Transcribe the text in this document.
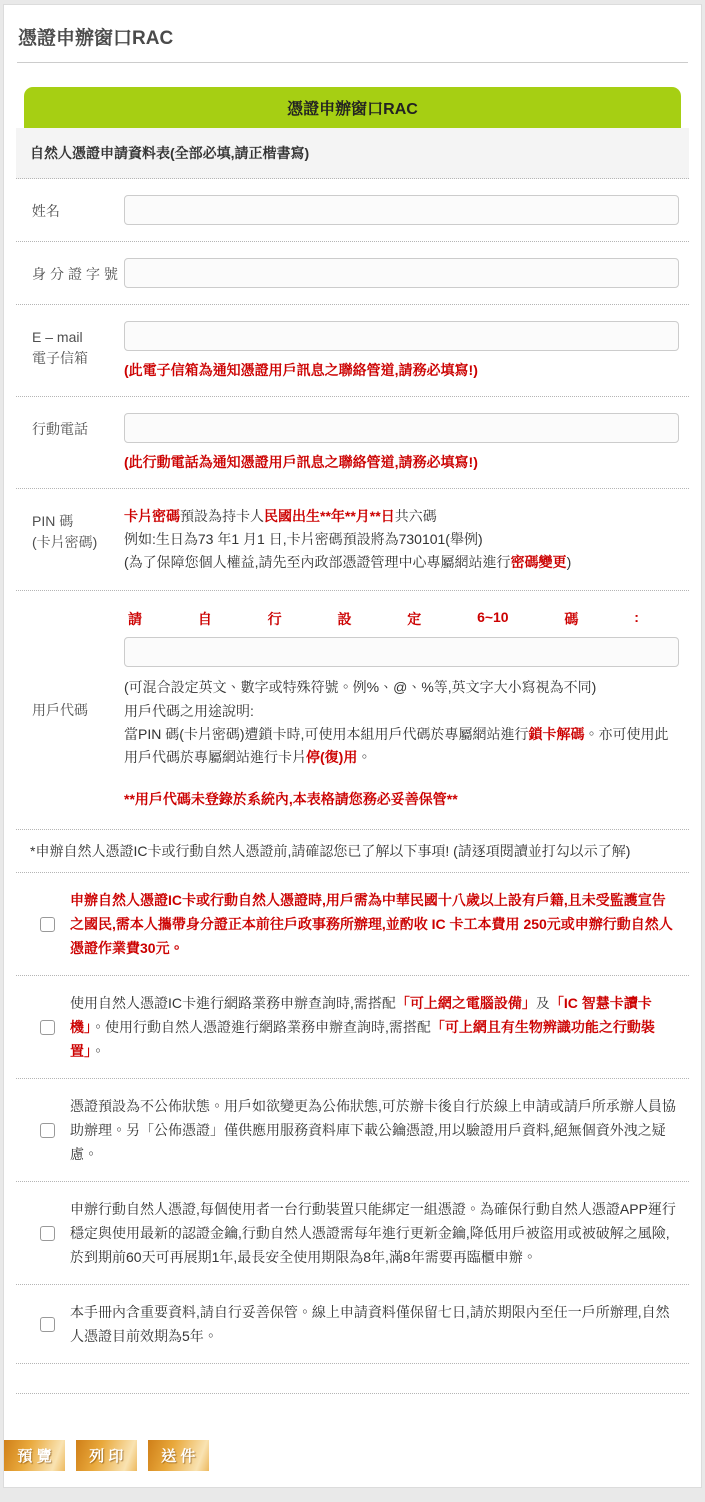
憑證申辦窗口RAC
憑證申辦窗口RAC
自然人憑證申請資料表(全部必填,請正楷書寫)
姓名
身分證字號
E – mail
電子信箱
(此電子信箱為通知憑證用戶訊息之聯絡管道,請務必填寫!)
行動電話
(此行動電話為通知憑證用戶訊息之聯絡管道,請務必填寫!)
PIN 碼
(卡片密碼)
卡片密碼預設為持卡人民國出生**年**月**日共六碼
例如:生日為73 年1 月1 日,卡片密碼預設將為730101(舉例)
(為了保障您個人權益,請先至內政部憑證管理中心專屬網站進行密碼變更)
用戶代碼
請	自	行	設	定	6~10	碼	:
(可混合設定英文、數字或特殊符號。例%、@、%等,英文字大小寫視為不同)
用戶代碼之用途說明:
當PIN 碼(卡片密碼)遭鎖卡時,可使用本組用戶代碼於專屬網站進行鎖卡解碼。亦可使用此用戶代碼於專屬網站進行卡片停(復)用。
**用戶代碼未登錄於系統內,本表格請您務必妥善保管**
*申辦自然人憑證IC卡或行動自然人憑證前,請確認您已了解以下事項! (請逐項閱讀並打勾以示了解)
申辦自然人憑證IC卡或行動自然人憑證時,用戶需為中華民國十八歲以上設有戶籍,且未受監護宣告之國民,需本人攜帶身分證正本前往戶政事務所辦理,並酌收 IC 卡工本費用 250元或申辦行動自然人憑證作業費30元。
使用自然人憑證IC卡進行網路業務申辦查詢時,需搭配「可上網之電腦設備」及「IC 智慧卡讀卡機」。使用行動自然人憑證進行網路業務申辦查詢時,需搭配「可上網且有生物辨識功能之行動裝置」。
憑證預設為不公佈狀態。用戶如欲變更為公佈狀態,可於辦卡後自行於線上申請或請戶所承辦人員協助辦理。另「公佈憑證」僅供應用服務資料庫下載公鑰憑證,用以驗證用戶資料,絕無個資外洩之疑慮。
申辦行動自然人憑證,每個使用者一台行動裝置只能綁定一組憑證。為確保行動自然人憑證APP運行穩定與使用最新的認證金鑰,行動自然人憑證需每年進行更新金鑰,降低用戶被盜用或被破解之風險,於到期前60天可再展期1年,最長安全使用期限為8年,滿8年需要再臨櫃申辦。
本手冊內含重要資料,請自行妥善保管。線上申請資料僅保留七日,請於期限內至任一戶所辦理,自然人憑證目前效期為5年。
預 覽	列 印	送 件
